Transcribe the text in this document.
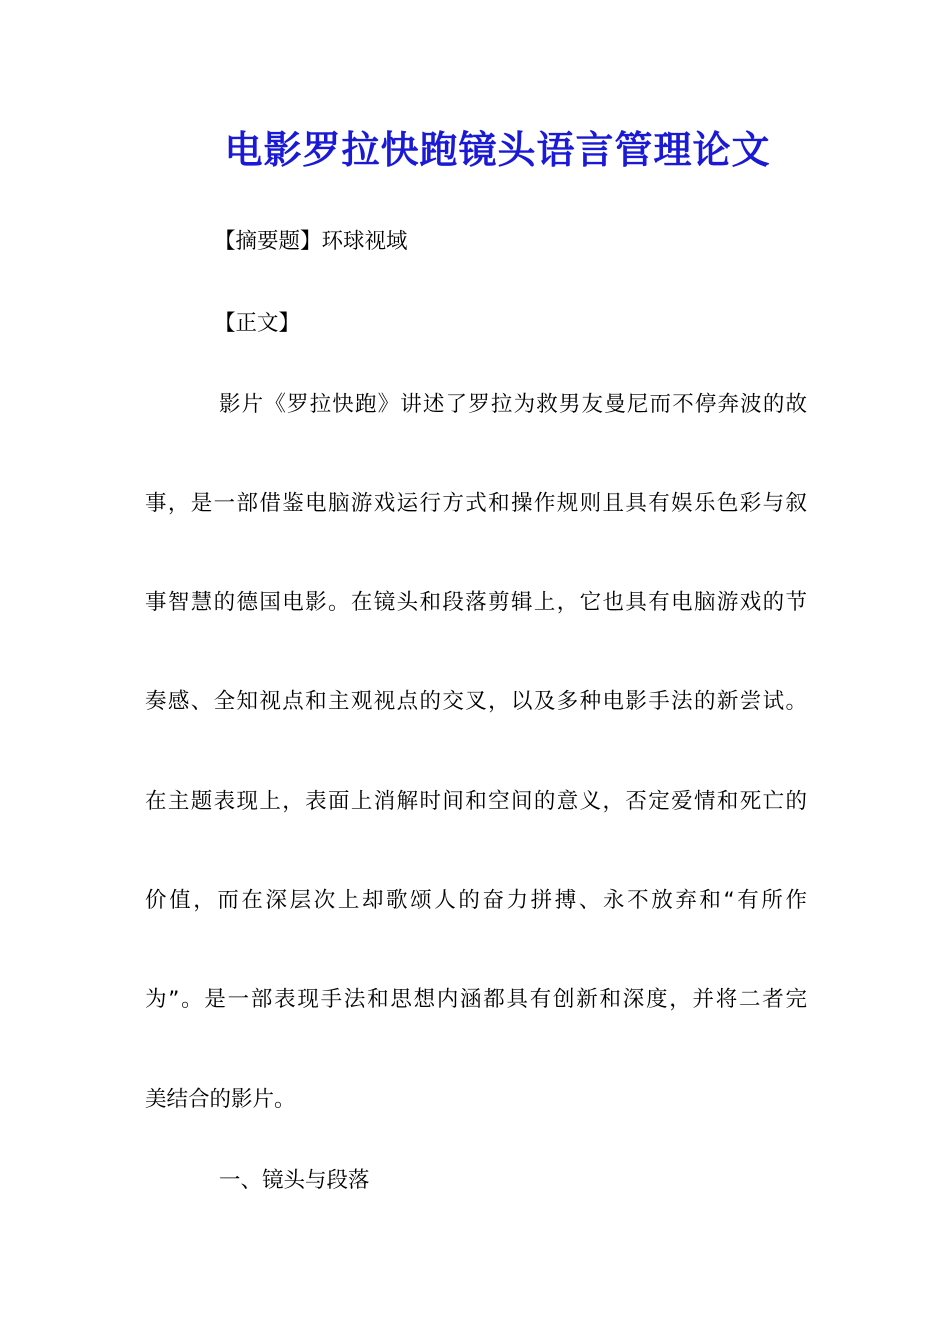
电影罗拉快跑镜头语言管理论文
【摘要题】环球视域
【正文】
影片《罗拉快跑》讲述了罗拉为救男友曼尼而不停奔波的故
事，是一部借鉴电脑游戏运行方式和操作规则且具有娱乐色彩与叙
事智慧的德国电影。在镜头和段落剪辑上，它也具有电脑游戏的节
奏感、全知视点和主观视点的交叉，以及多种电影手法的新尝试。
在主题表现上，表面上消解时间和空间的意义，否定爱情和死亡的
价值，而在深层次上却歌颂人的奋力拼搏、永不放弃和“有所作
为”。是一部表现手法和思想内涵都具有创新和深度，并将二者完
美结合的影片。
一、镜头与段落
